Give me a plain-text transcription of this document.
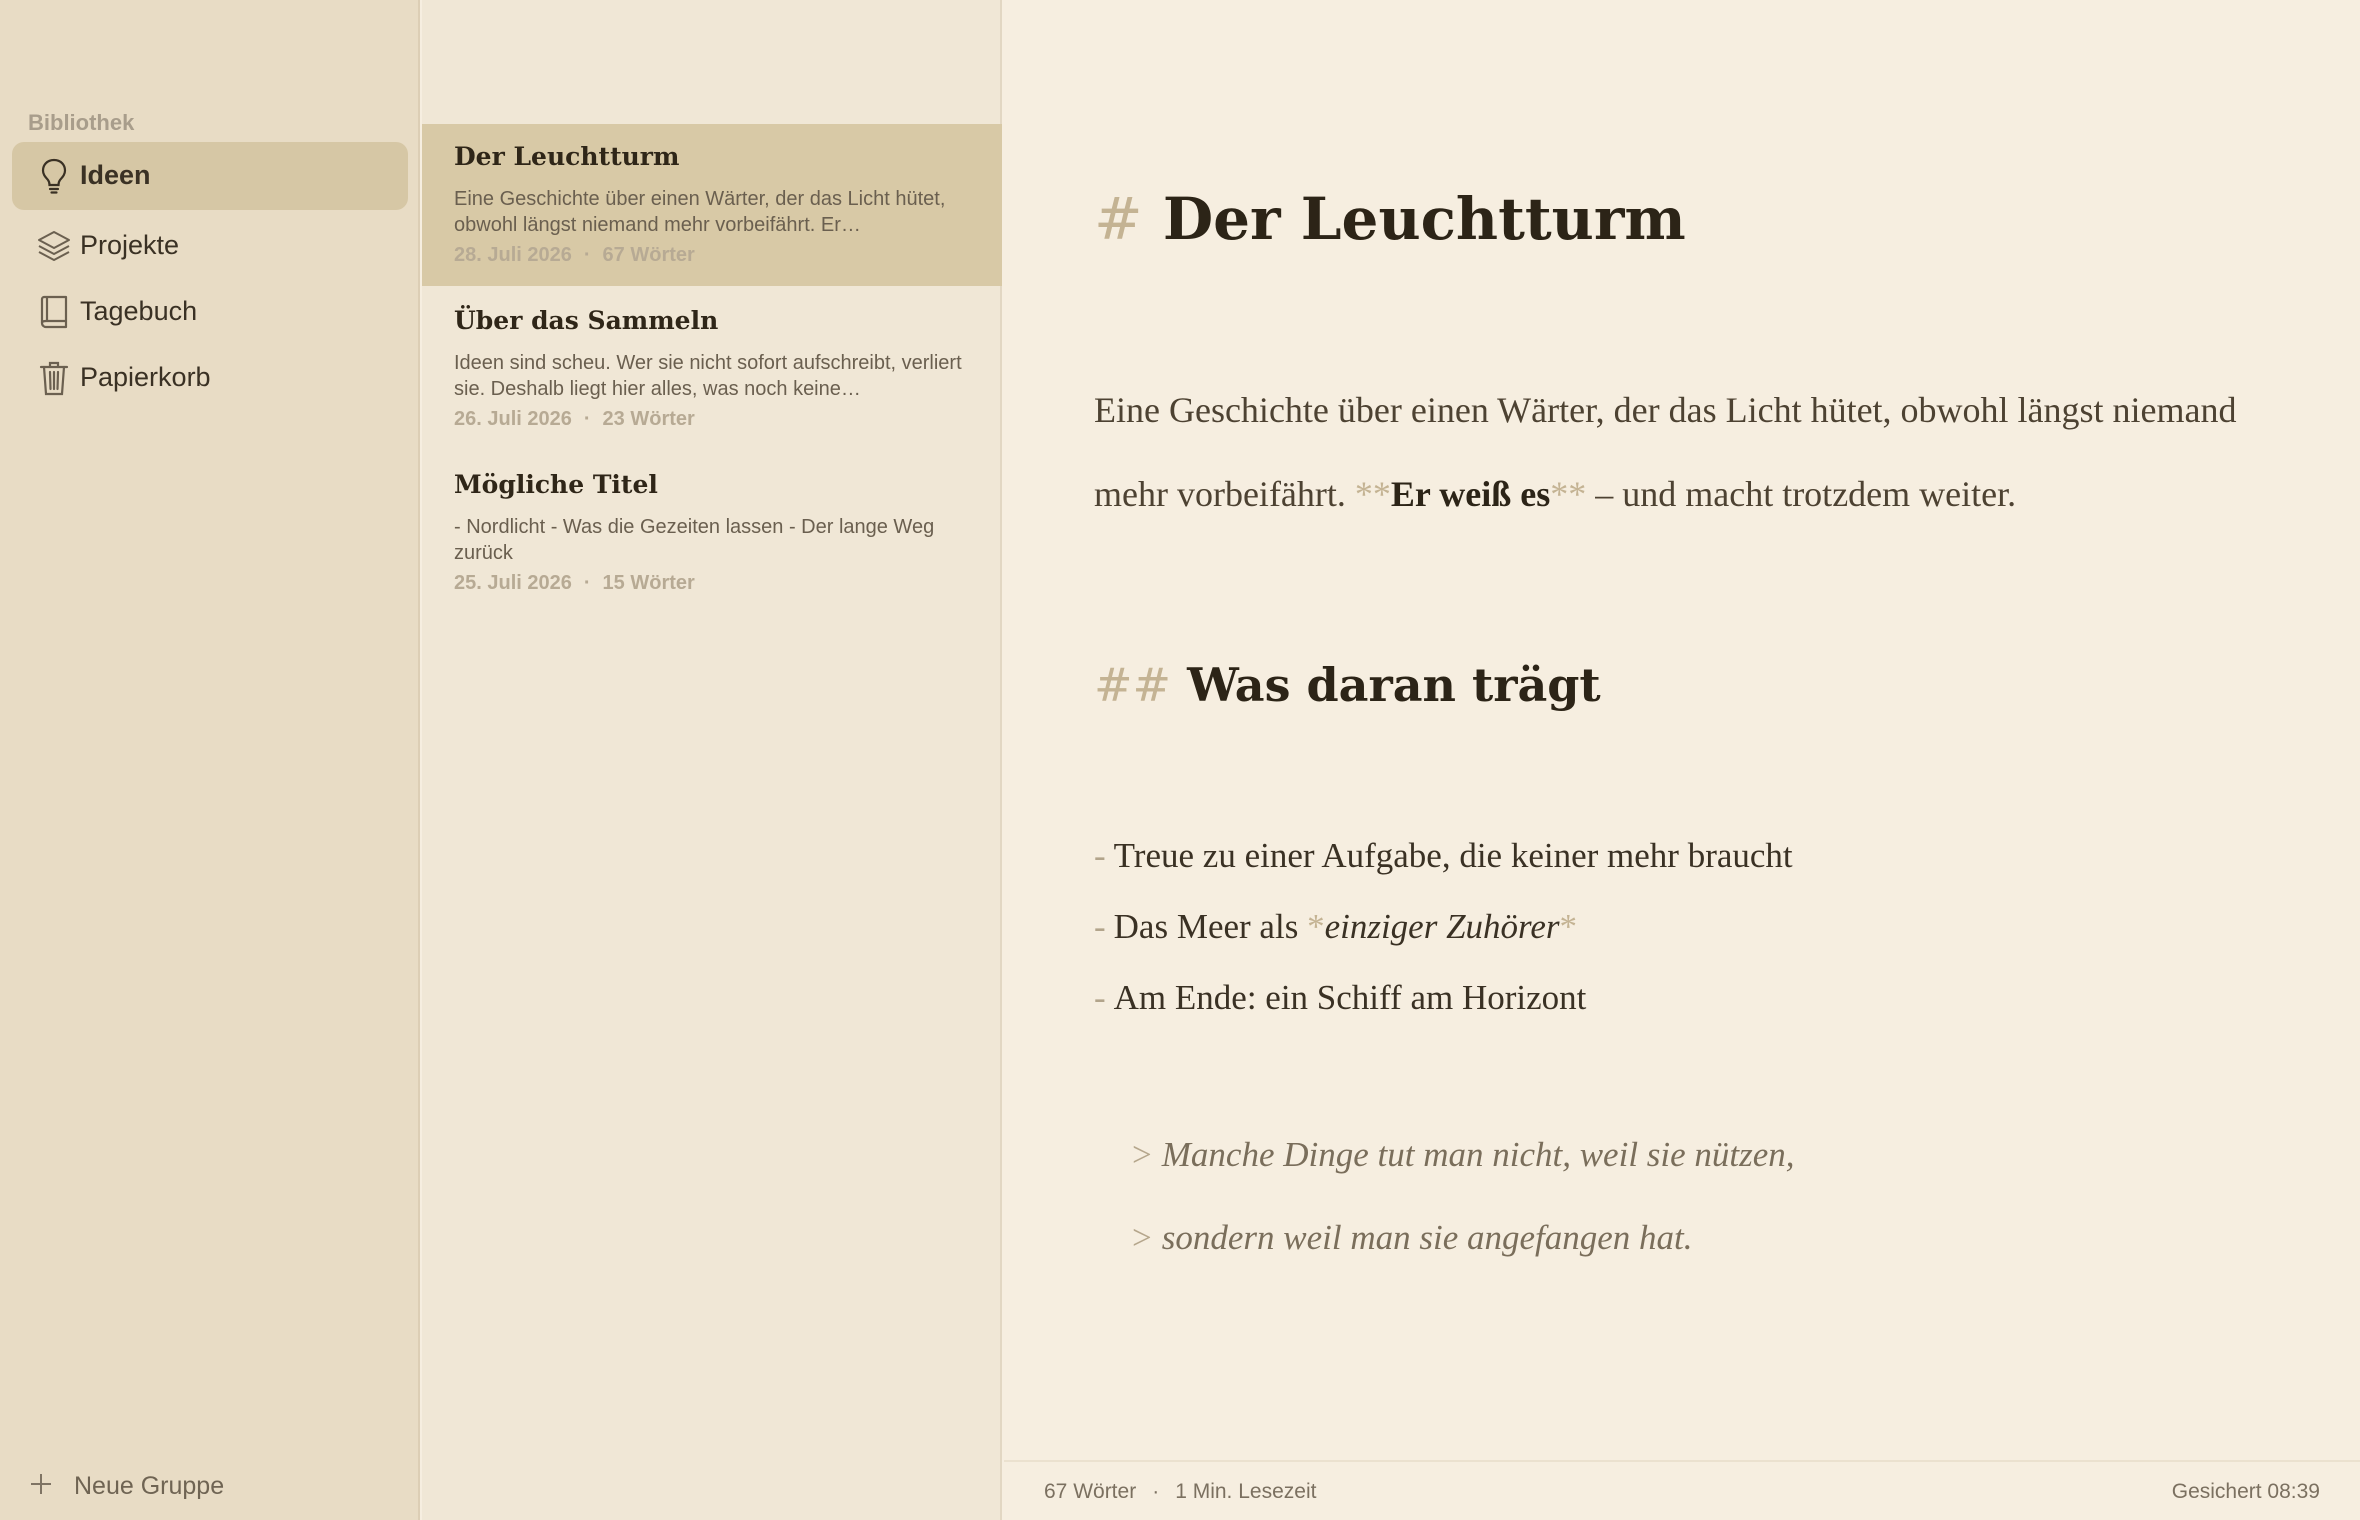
Bibliothek
Ideen
Projekte
Tagebuch
Papierkorb
Neue Gruppe
Der Leuchtturm
Eine Geschichte über einen Wärter, der das Licht hütet, obwohl längst niemand mehr vorbeifährt. Er…
28. Juli 2026 · 67 Wörter
Über das Sammeln
Ideen sind scheu. Wer sie nicht sofort aufschreibt, verliert sie. Deshalb liegt hier alles, was noch keine…
26. Juli 2026 · 23 Wörter
Mögliche Titel
- Nordlicht - Was die Gezeiten lassen - Der lange Weg zurück
25. Juli 2026 · 15 Wörter
# Der Leuchtturm
Eine Geschichte über einen Wärter, der das Licht hütet, obwohl längst niemand mehr vorbeifährt. **Er weiß es** – und macht trotzdem weiter.
## Was daran trägt
- Treue zu einer Aufgabe, die keiner mehr braucht
- Das Meer als *einziger Zuhörer*
- Am Ende: ein Schiff am Horizont
> Manche Dinge tut man nicht, weil sie nützen,
> sondern weil man sie angefangen hat.
67 Wörter · 1 Min. Lesezeit	Gesichert 08:39
